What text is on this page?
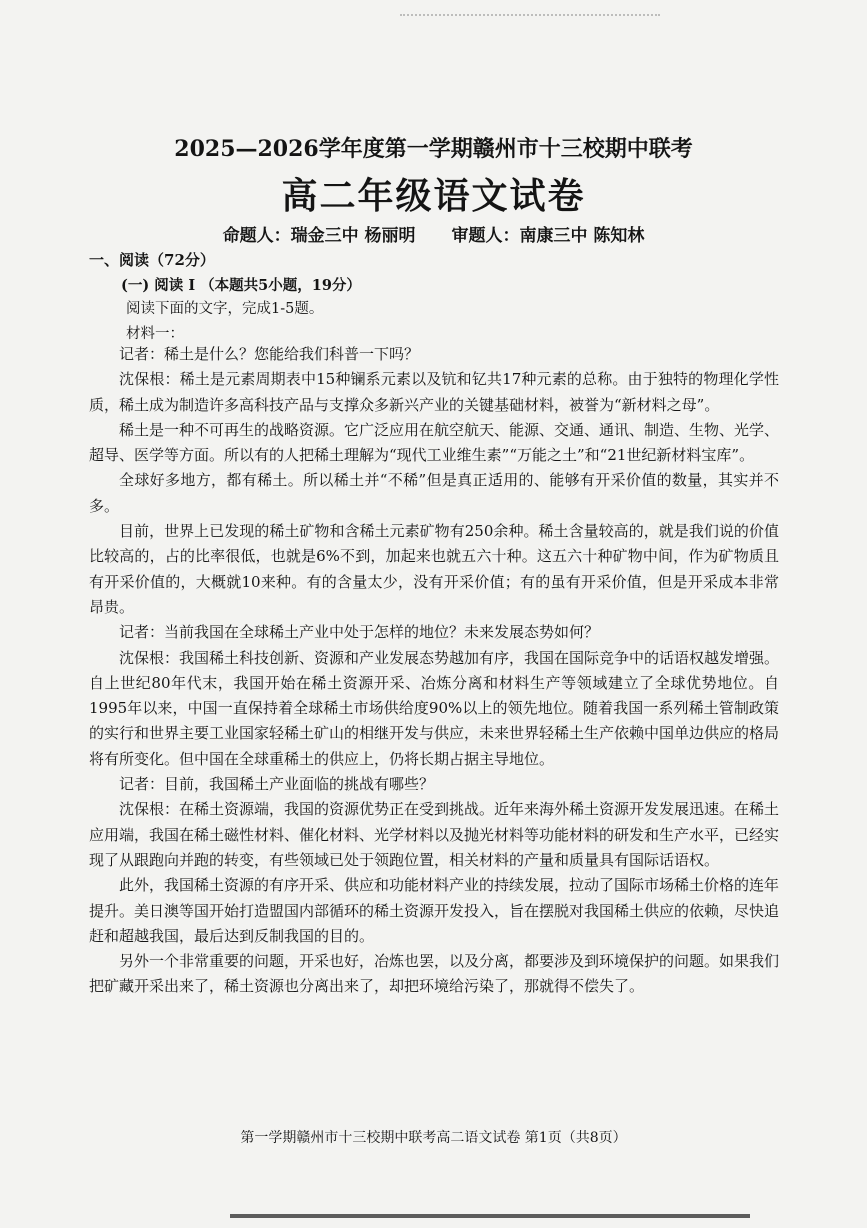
2025—2026学年度第一学期赣州市十三校期中联考
高二年级语文试卷
命题人：瑞金三中 杨丽明 审题人：南康三中 陈知林
一、阅读（72分）
(一) 阅读 I （本题共5小题，19分）
阅读下面的文字，完成1-5题。
材料一：

记者：稀土是什么？您能给我们科普一下吗？

沈保根：稀土是元素周期表中15种镧系元素以及钪和钇共17种元素的总称。由于独特的物理化学性质，稀土成为制造许多高科技产品与支撑众多新兴产业的关键基础材料，被誉为“新材料之母”。

稀土是一种不可再生的战略资源。它广泛应用在航空航天、能源、交通、通讯、制造、生物、光学、超导、医学等方面。所以有的人把稀土理解为“现代工业维生素”“万能之土”和“21世纪新材料宝库”。

全球好多地方，都有稀土。所以稀土并“不稀”但是真正适用的、能够有开采价值的数量，其实并不多。

目前，世界上已发现的稀土矿物和含稀土元素矿物有250余种。稀土含量较高的，就是我们说的价值比较高的，占的比率很低，也就是6%不到，加起来也就五六十种。这五六十种矿物中间，作为矿物质且有开采价值的，大概就10来种。有的含量太少，没有开采价值；有的虽有开采价值，但是开采成本非常昂贵。

记者：当前我国在全球稀土产业中处于怎样的地位？未来发展态势如何？

沈保根：我国稀土科技创新、资源和产业发展态势越加有序，我国在国际竞争中的话语权越发增强。自上世纪80年代末，我国开始在稀土资源开采、冶炼分离和材料生产等领域建立了全球优势地位。自1995年以来，中国一直保持着全球稀土市场供给度90%以上的领先地位。随着我国一系列稀土管制政策的实行和世界主要工业国家轻稀土矿山的相继开发与供应，未来世界轻稀土生产依赖中国单边供应的格局将有所变化。但中国在全球重稀土的供应上，仍将长期占据主导地位。

记者：目前，我国稀土产业面临的挑战有哪些？

沈保根：在稀土资源端，我国的资源优势正在受到挑战。近年来海外稀土资源开发发展迅速。在稀土应用端，我国在稀土磁性材料、催化材料、光学材料以及抛光材料等功能材料的研发和生产水平，已经实现了从跟跑向并跑的转变，有些领域已处于领跑位置，相关材料的产量和质量具有国际话语权。

此外，我国稀土资源的有序开采、供应和功能材料产业的持续发展，拉动了国际市场稀土价格的连年提升。美日澳等国开始打造盟国内部循环的稀土资源开发投入，旨在摆脱对我国稀土供应的依赖，尽快追赶和超越我国，最后达到反制我国的目的。

另外一个非常重要的问题，开采也好，冶炼也罢，以及分离，都要涉及到环境保护的问题。如果我们把矿藏开采出来了，稀土资源也分离出来了，却把环境给污染了，那就得不偿失了。

第一学期赣州市十三校期中联考高二语文试卷 第1页（共8页）
